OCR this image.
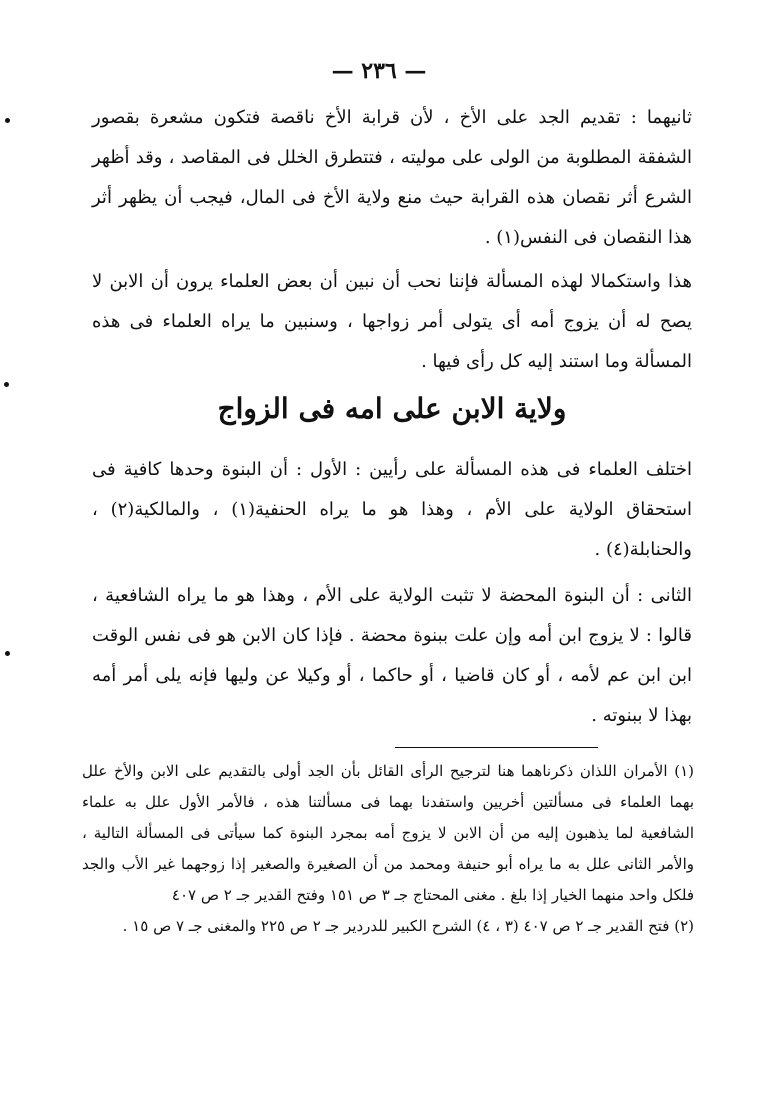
— ٢٣٦ —

ثانيهما : تقديم الجد على الأخ ، لأن قرابة الأخ ناقصة فتكون مشعرة بقصور الشفقة المطلوبة من الولى على موليته ، فتتطرق الخلل فى المقاصد ، وقد أظهر الشرع أثر نقصان هذه القرابة حيث منع ولاية الأخ فى المال، فيجب أن يظهر أثر هذا النقصان فى النفس(١) .

هذا واستكمالا لهذه المسألة فإننا نحب أن نبين أن بعض العلماء يرون أن الابن لا يصح له أن يزوج أمه أى يتولى أمر زواجها ، وسنبين ما يراه العلماء فى هذه المسألة وما استند إليه كل رأى فيها .

ولاية الابن على امه فى الزواج

اختلف العلماء فى هذه المسألة على رأيين : الأول : أن البنوة وحدها كافية فى استحقاق الولاية على الأم ، وهذا هو ما يراه الحنفية(١) ، والمالكية(٢) ، والحنابلة(٤) .

الثانى : أن البنوة المحضة لا تثبت الولاية على الأم ، وهذا هو ما يراه الشافعية ، قالوا : لا يزوج ابن أمه وإن علت ببنوة محضة . فإذا كان الابن هو فى نفس الوقت ابن ابن عم لأمه ، أو كان قاضيا ، أو حاكما ، أو وكيلا عن وليها فإنه يلى أمر أمه بهذا لا ببنوته .

(١) الأمران اللذان ذكرناهما هنا لترجيح الرأى القائل بأن الجد أولى بالتقديم على الابن والأخ علل بهما العلماء فى مسألتين أخريين واستفدنا بهما فى مسألتنا هذه ، فالأمر الأول علل به علماء الشافعية لما يذهبون إليه من أن الابن لا يزوج أمه بمجرد البنوة كما سيأتى فى المسألة التالية ، والأمر الثانى علل به ما يراه أبو حنيفة ومحمد من أن الصغيرة والصغير إذا زوجهما غير الأب والجد فلكل واحد منهما الخيار إذا بلغ . مغنى المحتاج جـ ٣ ص ١٥١ وفتح القدير جـ ٢ ص ٤٠٧

(٢) فتح القدير جـ ٢ ص ٤٠٧ (٣ ، ٤) الشرح الكبير للدردير جـ ٢ ص ٢٢٥ والمغنى جـ ٧ ص ١٥ .
